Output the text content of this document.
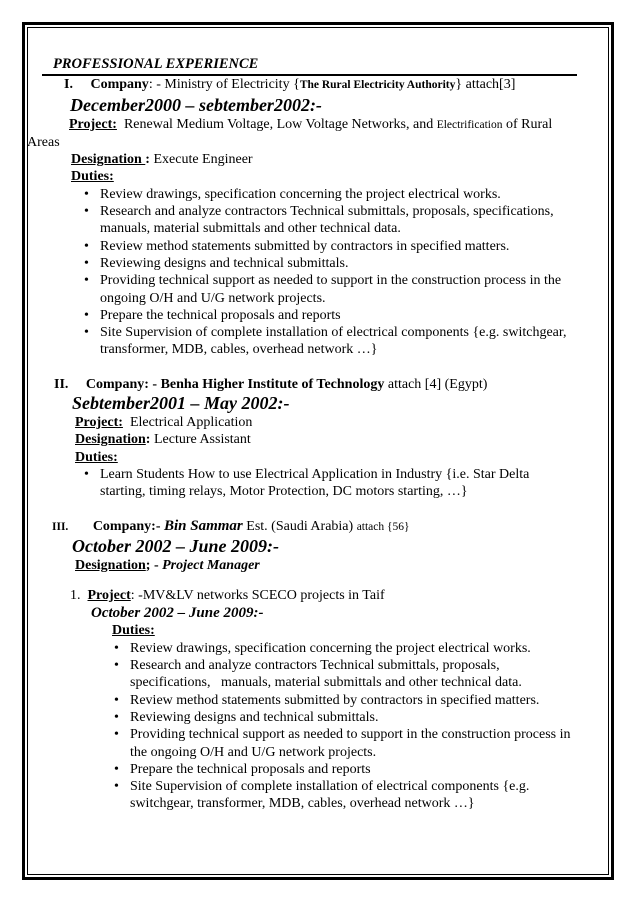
PROFESSIONAL EXPERIENCE
I. Company: - Ministry of Electricity {The Rural Electricity Authority} attach[3]
December2000 – sebtember2002:-
Project:  Renewal Medium Voltage, Low Voltage Networks, and Electrification of Rural
Areas
Designation : Execute Engineer
Duties:
• Review drawings, specification concerning the project electrical works.
• Research and analyze contractors Technical submittals, proposals, specifications,
manuals, material submittals and other technical data.
• Review method statements submitted by contractors in specified matters.
• Reviewing designs and technical submittals.
• Providing technical support as needed to support in the construction process in the
ongoing O/H and U/G network projects.
• Prepare the technical proposals and reports
• Site Supervision of complete installation of electrical components {e.g. switchgear,
transformer, MDB, cables, overhead network …}
II. Company: - Benha Higher Institute of Technology attach [4] (Egypt)
Sebtember2001 – May 2002:-
Project:  Electrical Application
Designation: Lecture Assistant
Duties:
• Learn Students How to use Electrical Application in Industry {i.e. Star Delta
starting, timing relays, Motor Protection, DC motors starting, …}
III. Company:- Bin Sammar Est. (Saudi Arabia) attach {56}
October 2002 – June 2009:-
Designation; - Project Manager
1. Project: -MV&LV networks SCECO projects in Taif
October 2002 – June 2009:-
Duties:
• Review drawings, specification concerning the project electrical works.
• Research and analyze contractors Technical submittals, proposals,
specifications,   manuals, material submittals and other technical data.
• Review method statements submitted by contractors in specified matters.
• Reviewing designs and technical submittals.
• Providing technical support as needed to support in the construction process in
the ongoing O/H and U/G network projects.
• Prepare the technical proposals and reports
• Site Supervision of complete installation of electrical components {e.g.
switchgear, transformer, MDB, cables, overhead network …}
